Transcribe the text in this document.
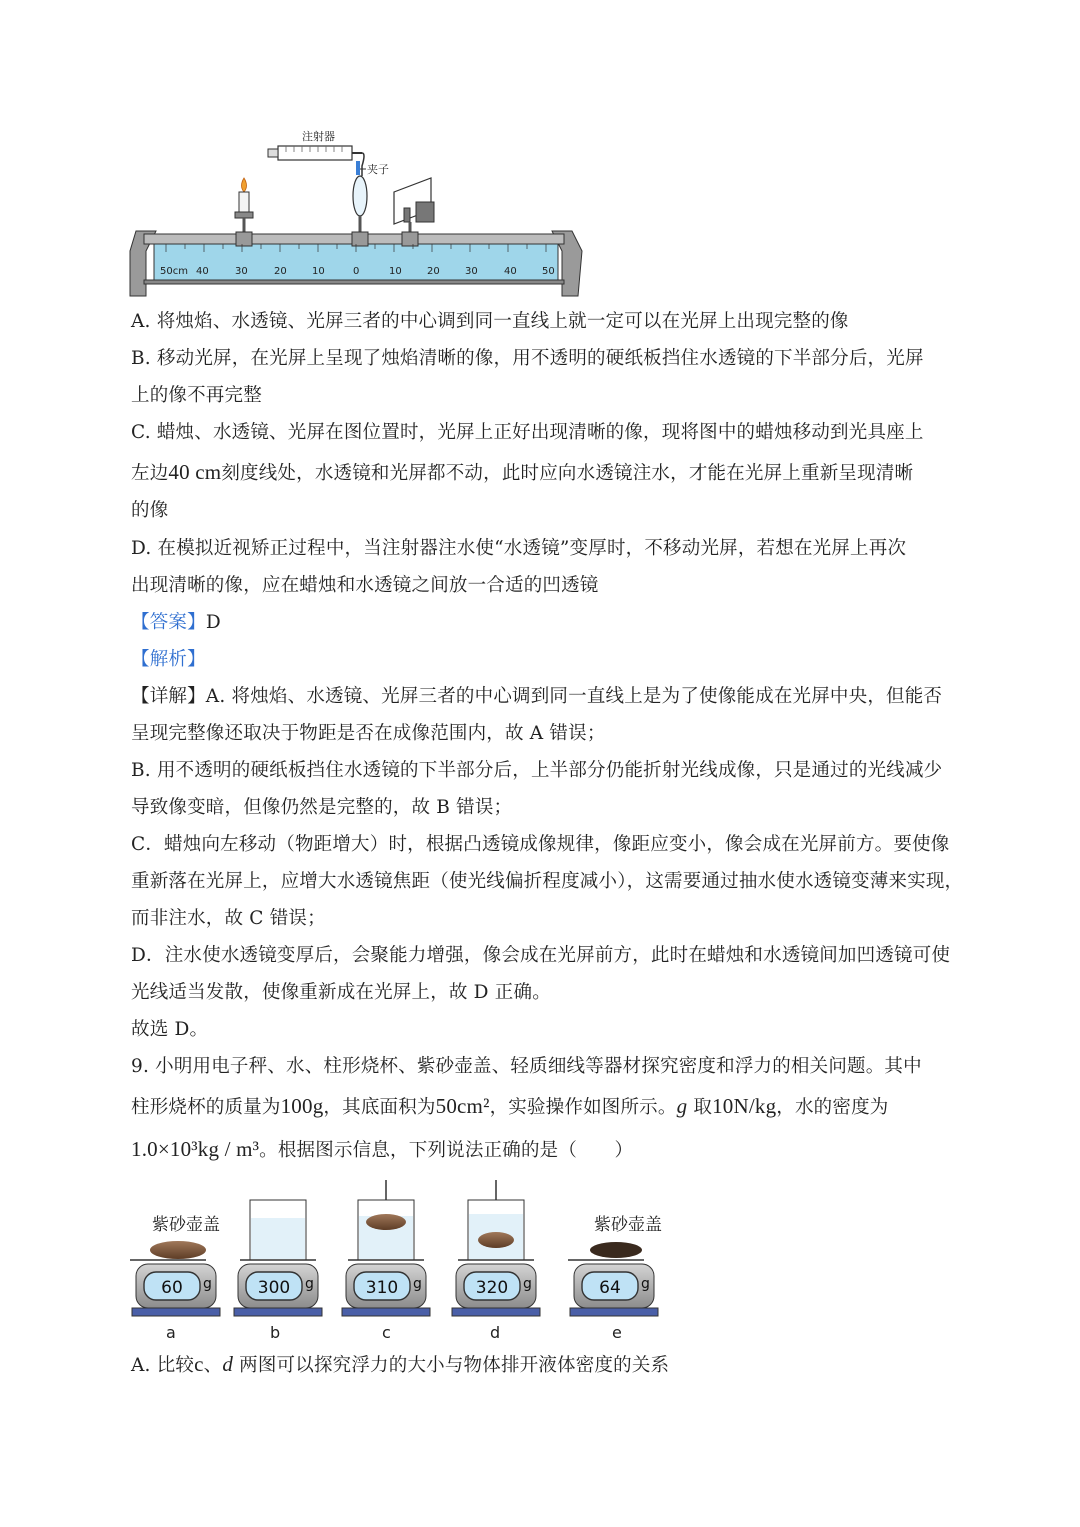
注射器
夹子
50cm 40	30	20	10	0	10	20	30	40	50
A. 将烛焰、水透镜、光屏三者的中心调到同一直线上就一定可以在光屏上出现完整的像
B. 移动光屏，在光屏上呈现了烛焰清晰的像，用不透明的硬纸板挡住水透镜的下半部分后，光屏
上的像不再完整
C. 蜡烛、水透镜、光屏在图位置时，光屏上正好出现清晰的像，现将图中的蜡烛移动到光具座上
左边40 cm刻度线处，水透镜和光屏都不动，此时应向水透镜注水，才能在光屏上重新呈现清晰
的像
D. 在模拟近视矫正过程中，当注射器注水使“水透镜”变厚时，不移动光屏，若想在光屏上再次
出现清晰的像，应在蜡烛和水透镜之间放一合适的凹透镜
【答案】D
【解析】
【详解】A. 将烛焰、水透镜、光屏三者的中心调到同一直线上是为了使像能成在光屏中央，但能否
呈现完整像还取决于物距是否在成像范围内，故 A 错误；
B. 用不透明的硬纸板挡住水透镜的下半部分后，上半部分仍能折射光线成像，只是通过的光线减少
导致像变暗，但像仍然是完整的，故 B 错误；
C．蜡烛向左移动（物距增大）时，根据凸透镜成像规律，像距应变小，像会成在光屏前方。要使像
重新落在光屏上，应增大水透镜焦距（使光线偏折程度减小），这需要通过抽水使水透镜变薄来实现，
而非注水，故 C 错误；
D．注水使水透镜变厚后，会聚能力增强，像会成在光屏前方，此时在蜡烛和水透镜间加凹透镜可使
光线适当发散，使像重新成在光屏上，故 D 正确。
故选 D。
9. 小明用电子秤、水、柱形烧杯、紫砂壶盖、轻质细线等器材探究密度和浮力的相关问题。其中
柱形烧杯的质量为100g，其底面积为50cm²，实验操作如图所示。g 取10N/kg，水的密度为
1.0×10³kg / m³。根据图示信息，下列说法正确的是（　　）
紫砂壶盖	紫砂壶盖
60	300	310	320	64
g	g	g	g	g
a	b	c	d	e
A. 比较c、d 两图可以探究浮力的大小与物体排开液体密度的关系
